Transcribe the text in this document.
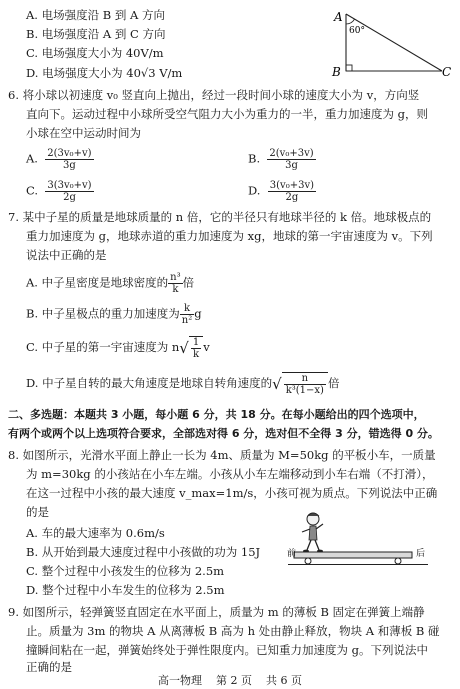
A. 电场强度沿 B 到 A 方向
B. 电场强度沿 A 到 C 方向
C. 电场强度大小为 40V/m
D. 电场强度大小为 40√3 V/m
A
60°
B	C
6. 将小球以初速度 v₀ 竖直向上抛出，经过一段时间小球的速度大小为 v，方向竖
直向下。运动过程中小球所受空气阻力大小为重力的一半，重力加速度为 g，则
小球在空中运动时间为
A. $\frac{\text{2(3v₀+v)}}{3g}$	B. $\frac{\text{2(v₀+3v)}}{3g}$
C. $\frac{\text{3(3v₀+v)}}{2g}$	D. $\frac{\text{3(v₀+3v)}}{2g}$
7. 某中子星的质量是地球质量的 n 倍，它的半径只有地球半径的 k 倍。地球极点的
重力加速度为 g，地球赤道的重力加速度为 xg，地球的第一宇宙速度为 v。下列
说法中正确的是
A. 中子星密度是地球密度的 $\frac{\text{n³}}{k}$ 倍
B. 中子星极点的重力加速度为 $\frac{k}{\text{n²}}$ g
C. 中子星的第一宇宙速度为 $n√ \frac{1}{k}$ v
D. 中子星自转的最大角速度是地球自转角速度的√ $\frac{n}{\text{k³(1−x)}}$ 倍
二、多选题：本题共 3 小题，每小题 6 分，共 18 分。在每小题给出的四个选项中，
有两个或两个以上选项符合要求，全部选对得 6 分，选对但不全得 3 分，错选得 0 分。
8. 如图所示，光滑水平面上静止一长为 4m、质量为 M=50kg 的平板小车，一质量
为 m=30kg 的小孩站在小车左端。小孩从小车左端移动到小车右端（不打滑），
在这一过程中小孩的最大速度 v_max=1m/s，小孩可视为质点。下列说法中正确
的是
A. 车的最大速率为 0.6m/s
B. 从开始到最大速度过程中小孩做的功为 15J
C. 整个过程中小孩发生的位移为 2.5m
D. 整个过程中小车发生的位移为 2.5m
前	后
9. 如图所示，轻弹簧竖直固定在水平面上，质量为 m 的薄板 B 固定在弹簧上端静
止。质量为 3m 的物块 A 从离薄板 B 高为 h 处由静止释放，物块 A 和薄板 B 碰
撞瞬间粘在一起，弹簧始终处于弹性限度内。已知重力加速度为 g。下列说法中
正确的是
高一物理    第 2 页    共 6 页
